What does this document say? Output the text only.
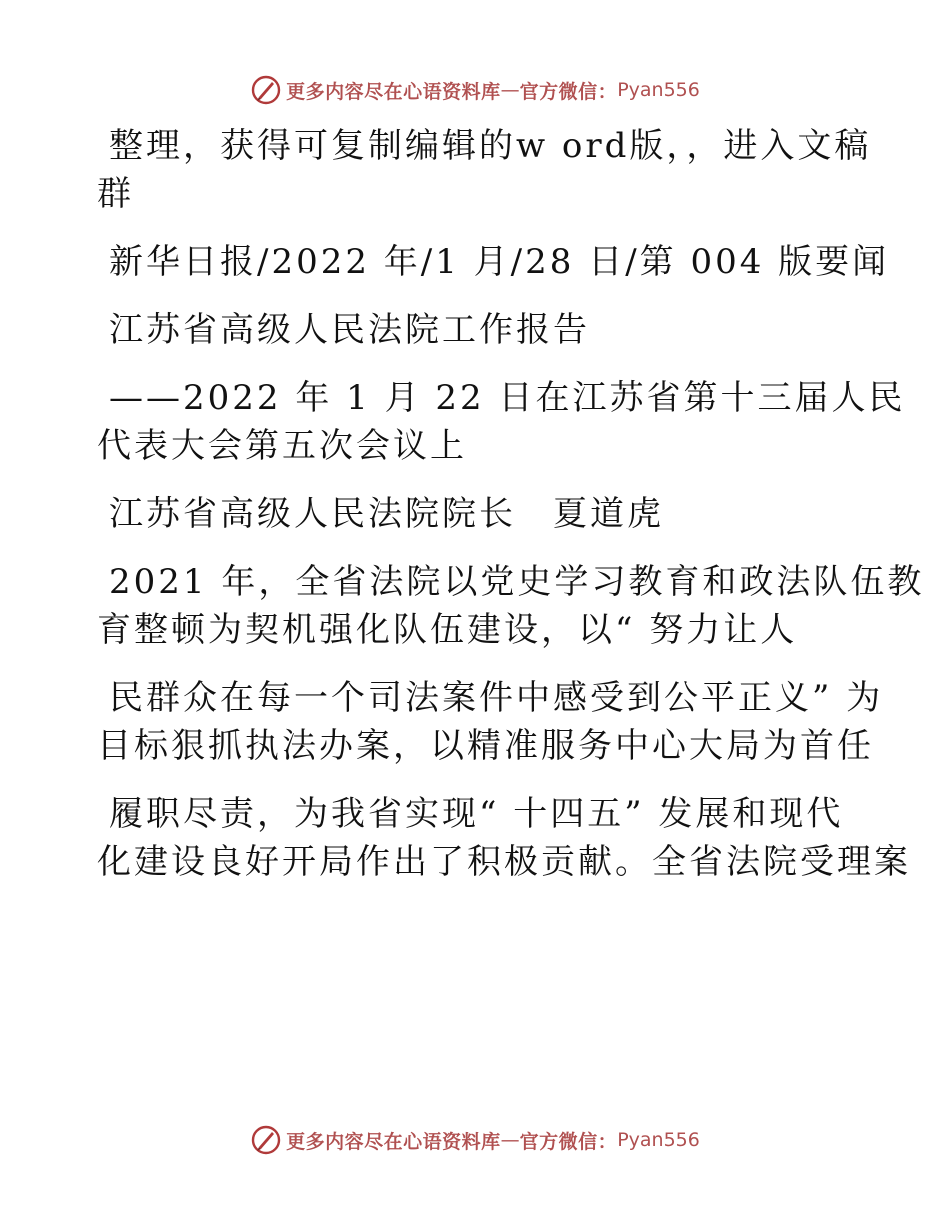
更多内容尽在心语资料库 — 官方微信： Pyan556
整理，获得可复制编辑的w ord版，，进入文稿
群
新华日报/2022 年/1 月/28 日/第 004 版要闻
江苏省高级人民法院工作报告
——2022 年 1 月 22 日在江苏省第十三届人民
代表大会第五次会议上
江苏省高级人民法院院长　夏道虎
2021 年，全省法院以党史学习教育和政法队伍教
育整顿为契机强化队伍建设，以“ 努力让人
民群众在每一个司法案件中感受到公平正义” 为
目标狠抓执法办案，以精准服务中心大局为首任
履职尽责，为我省实现“ 十四五” 发展和现代
化建设良好开局作出了积极贡献。全省法院受理案
更多内容尽在心语资料库 — 官方微信： Pyan556
